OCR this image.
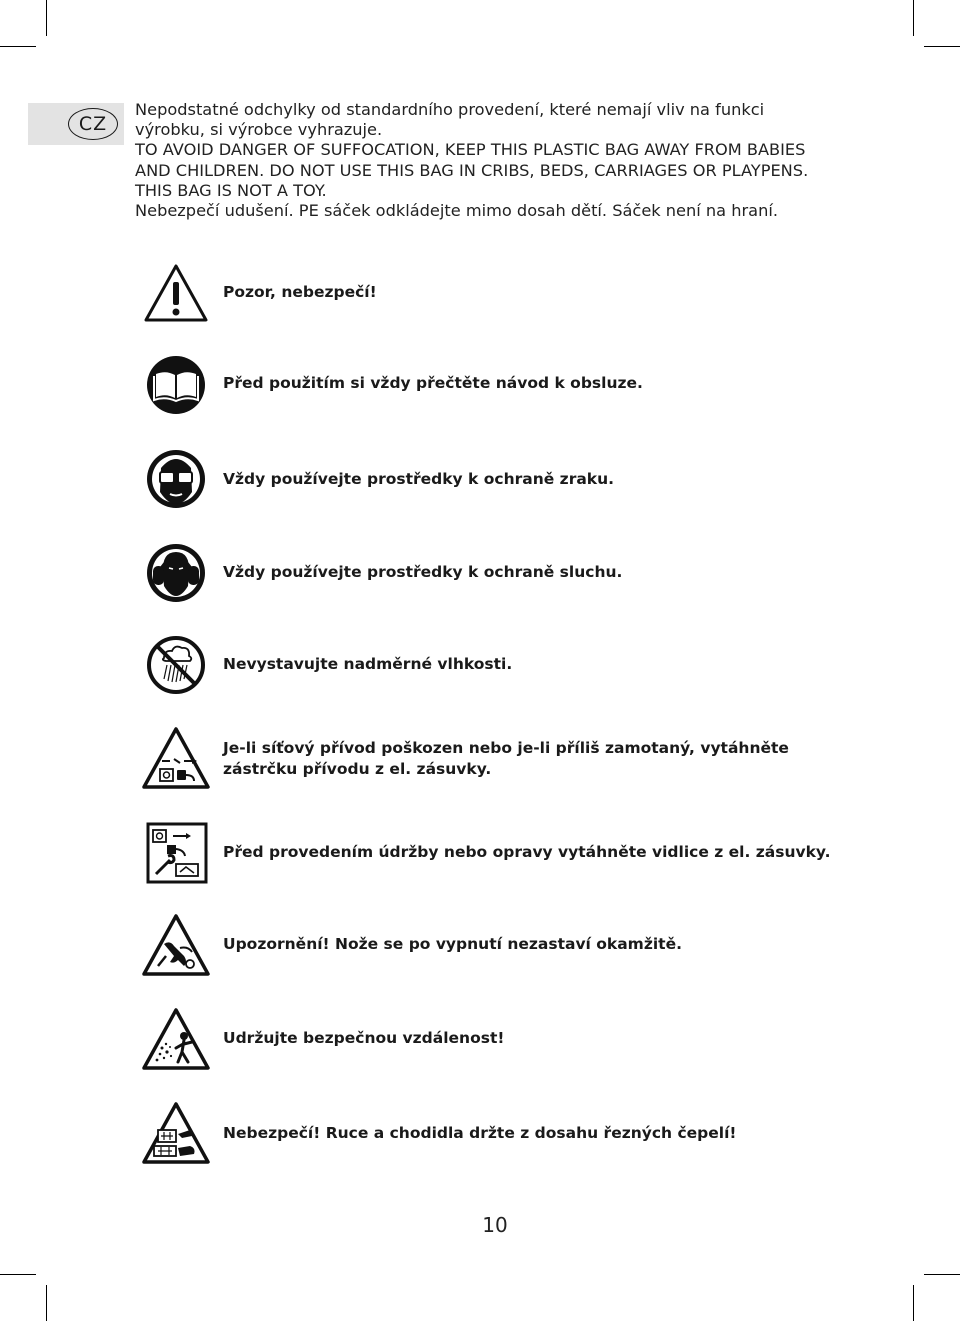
CZ

Nepodstatné odchylky od standardního provedení, které nemají vliv na funkci výrobku, si výrobce vyhrazuje.

TO AVOID DANGER OF SUFFOCATION, KEEP THIS PLASTIC BAG AWAY FROM BABIES AND CHILDREN. DO NOT USE THIS BAG IN CRIBS, BEDS, CARRIAGES OR PLAYPENS. THIS BAG IS NOT A TOY.

Nebezpečí udušení. PE sáček odkládejte mimo dosah dětí. Sáček není na hraní.

Pozor, nebezpečí!
Před použitím si vždy přečtěte návod k obsluze.
Vždy používejte prostředky k ochraně zraku.
Vždy používejte prostředky k ochraně sluchu.
Nevystavujte nadměrné vlhkosti.
Je-li síťový přívod poškozen nebo je-li příliš zamotaný, vytáhněte zástrčku přívodu z el. zásuvky.
Před provedením údržby nebo opravy vytáhněte vidlice z el. zásuvky.
Upozornění! Nože se po vypnutí nezastaví okamžitě.
Udržujte bezpečnou vzdálenost!
Nebezpečí! Ruce a chodidla držte z dosahu řezných čepelí!
10
